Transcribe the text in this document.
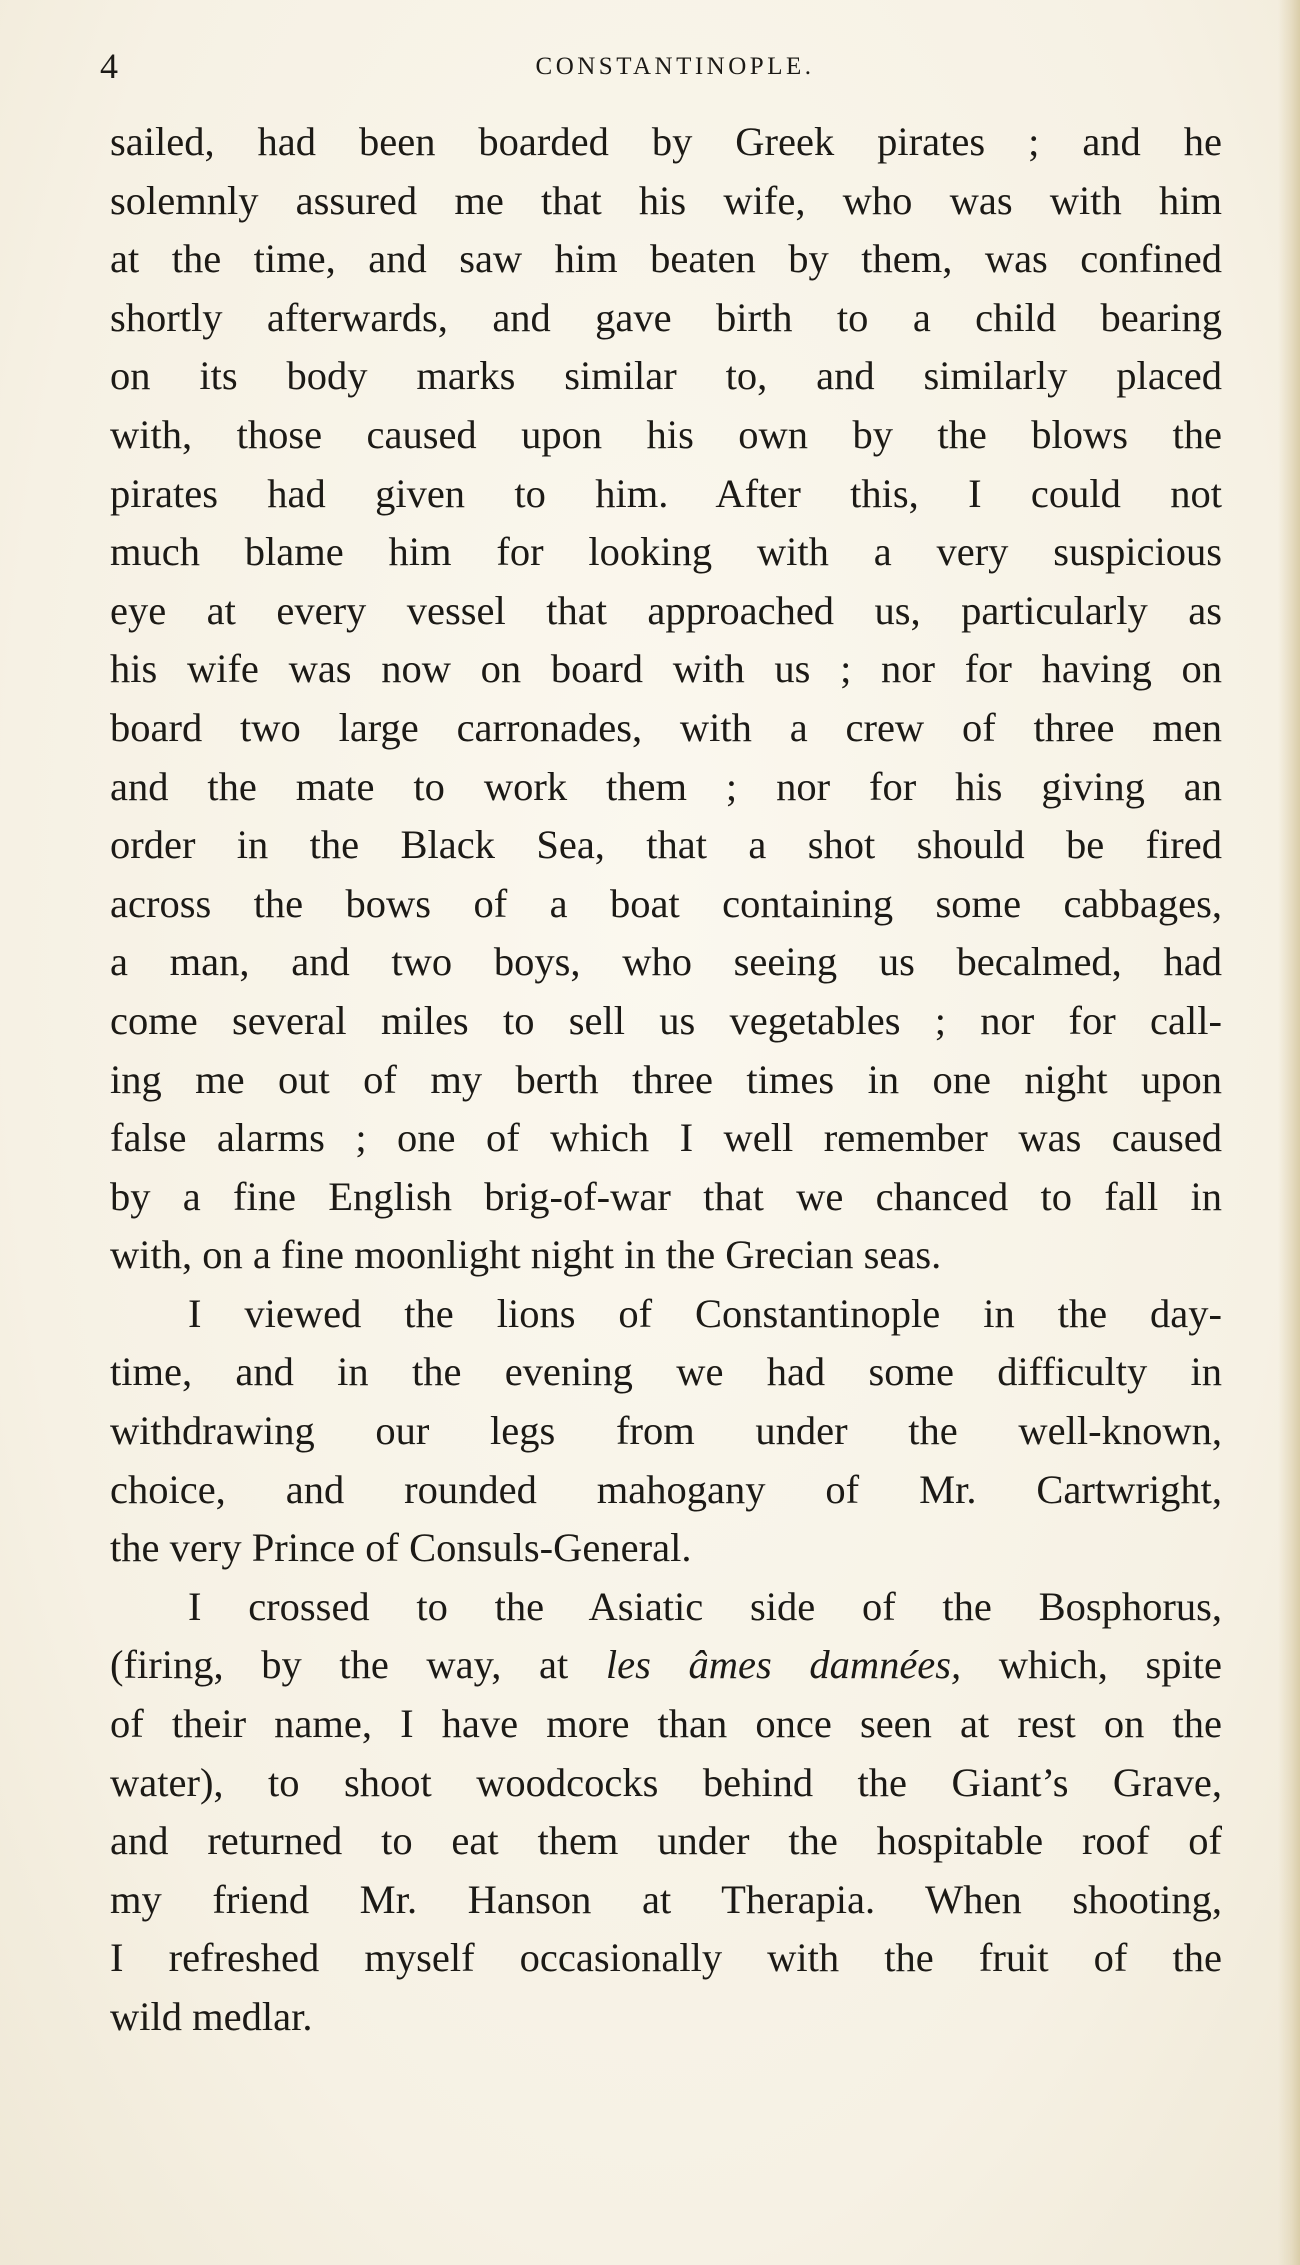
4	CONSTANTINOPLE.
sailed, had been boarded by Greek pirates ; and he
solemnly assured me that his wife, who was with him
at the time, and saw him beaten by them, was confined
shortly afterwards, and gave birth to a child bearing
on its body marks similar to, and similarly placed
with, those caused upon his own by the blows the
pirates had given to him. After this, I could not
much blame him for looking with a very suspicious
eye at every vessel that approached us, particularly as
his wife was now on board with us ; nor for having on
board two large carronades, with a crew of three men
and the mate to work them ; nor for his giving an
order in the Black Sea, that a shot should be fired
across the bows of a boat containing some cabbages,
a man, and two boys, who seeing us becalmed, had
come several miles to sell us vegetables ; nor for call-
ing me out of my berth three times in one night upon
false alarms ; one of which I well remember was caused
by a fine English brig-of-war that we chanced to fall in
with, on a fine moonlight night in the Grecian seas.
I viewed the lions of Constantinople in the day-
time, and in the evening we had some difficulty in
withdrawing our legs from under the well-known,
choice, and rounded mahogany of Mr. Cartwright,
the very Prince of Consuls-General.
I crossed to the Asiatic side of the Bosphorus,
(firing, by the way, at les âmes damnées, which, spite
of their name, I have more than once seen at rest on the
water), to shoot woodcocks behind the Giant’s Grave,
and returned to eat them under the hospitable roof of
my friend Mr. Hanson at Therapia. When shooting,
I refreshed myself occasionally with the fruit of the
wild medlar.
